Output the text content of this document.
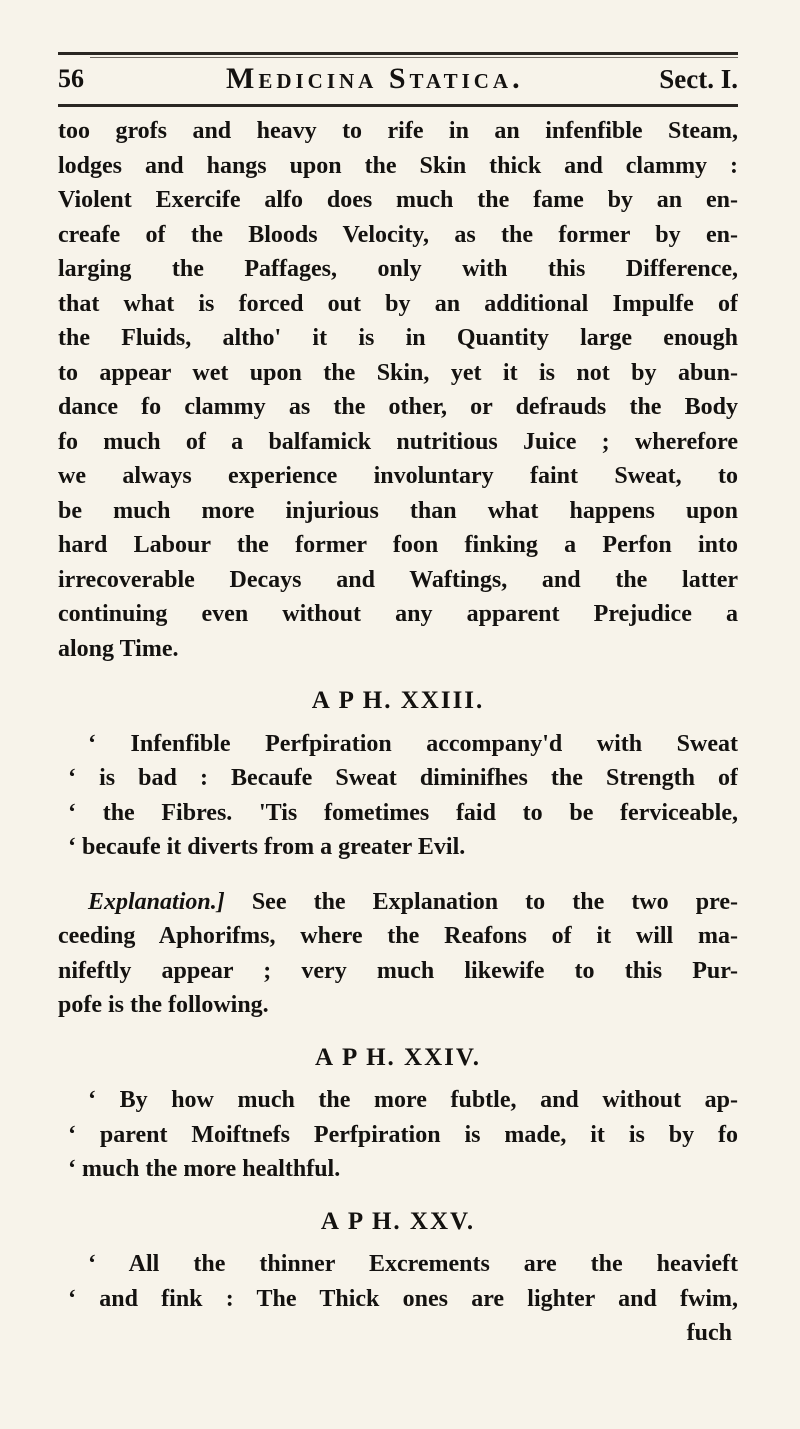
56	Medicina Statica.	Sect. I.
too grofs and heavy to rife in an infenfible Steam,
lodges and hangs upon the Skin thick and clammy :
Violent Exercife alfo does much the fame by an en-
creafe of the Bloods Velocity, as the former by en-
larging the Paffages, only with this Difference,
that what is forced out by an additional Impulfe of
the Fluids, altho' it is in Quantity large enough
to appear wet upon the Skin, yet it is not by abun-
dance fo clammy as the other, or defrauds the Body
fo much of a balfamick nutritious Juice ; wherefore
we always experience involuntary faint Sweat, to
be much more injurious than what happens upon
hard Labour the former foon finking a Perfon into
irrecoverable Decays and Waftings, and the latter
continuing even without any apparent Prejudice a
along Time.
A P H. XXIII.
‘ Infenfible Perfpiration accompany'd with Sweat
‘ is bad : Becaufe Sweat diminifhes the Strength of
‘ the Fibres. 'Tis fometimes faid to be ferviceable,
‘ becaufe it diverts from a greater Evil.
Explanation.] See the Explanation to the two pre-
ceeding Aphorifms, where the Reafons of it will ma-
nifeftly appear ; very much likewife to this Pur-
pofe is the following.
A P H. XXIV.
‘ By how much the more fubtle, and without ap-
‘ parent Moiftnefs Perfpiration is made, it is by fo
‘ much the more healthful.
A P H. XXV.
‘ All the thinner Excrements are the heavieft
‘ and fink : The Thick ones are lighter and fwim,
fuch
